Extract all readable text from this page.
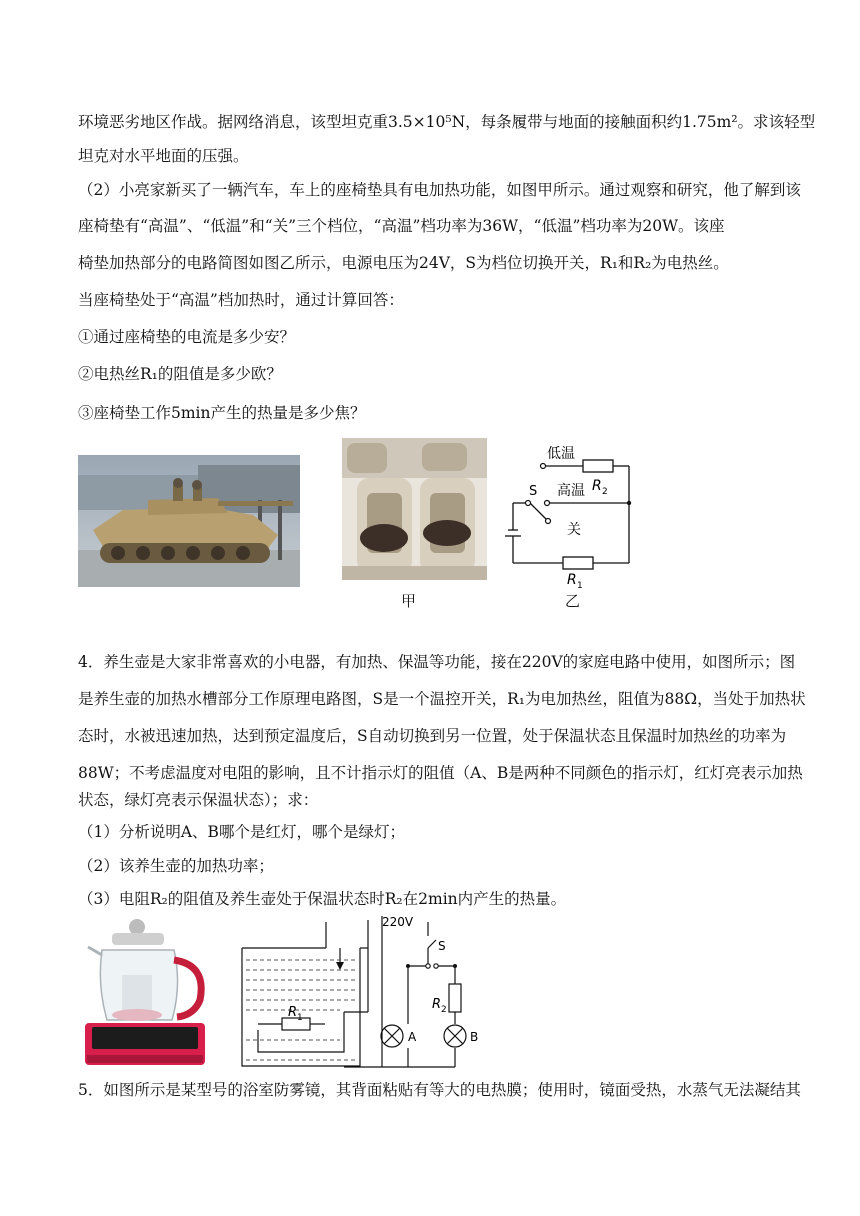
环境恶劣地区作战。据网络消息，该型坦克重3.5×10⁵N，每条履带与地面的接触面积约1.75m²。求该轻型
坦克对水平地面的压强。
（2）小亮家新买了一辆汽车，车上的座椅垫具有电加热功能，如图甲所示。通过观察和研究，他了解到该
座椅垫有“高温”、“低温”和“关”三个档位，“高温”档功率为36W，“低温”档功率为20W。该座
椅垫加热部分的电路简图如图乙所示，电源电压为24V，S为档位切换开关，R₁和R₂为电热丝。
当座椅垫处于“高温”档加热时，通过计算回答：
①通过座椅垫的电流是多少安？
②电热丝R₁的阻值是多少欧？
③座椅垫工作5min产生的热量是多少焦？
甲
低温
S 高温
关
R 2
R 1
乙
4．养生壶是大家非常喜欢的小电器，有加热、保温等功能，接在220V的家庭电路中使用，如图所示；图
是养生壶的加热水槽部分工作原理电路图，S是一个温控开关，R₁为电加热丝，阻值为88Ω，当处于加热状
态时，水被迅速加热，达到预定温度后，S自动切换到另一位置，处于保温状态且保温时加热丝的功率为
88W；不考虑温度对电阻的影响，且不计指示灯的阻值（A、B是两种不同颜色的指示灯，红灯亮表示加热
状态，绿灯亮表示保温状态）；求：
（1）分析说明A、B哪个是红灯，哪个是绿灯；
（2）该养生壶的加热功率；
（3）电阻R₂的阻值及养生壶处于保温状态时R₂在2min内产生的热量。
220V
S
R 2
R 1
A	B
5．如图所示是某型号的浴室防雾镜，其背面粘贴有等大的电热膜；使用时，镜面受热，水蒸气无法凝结其
